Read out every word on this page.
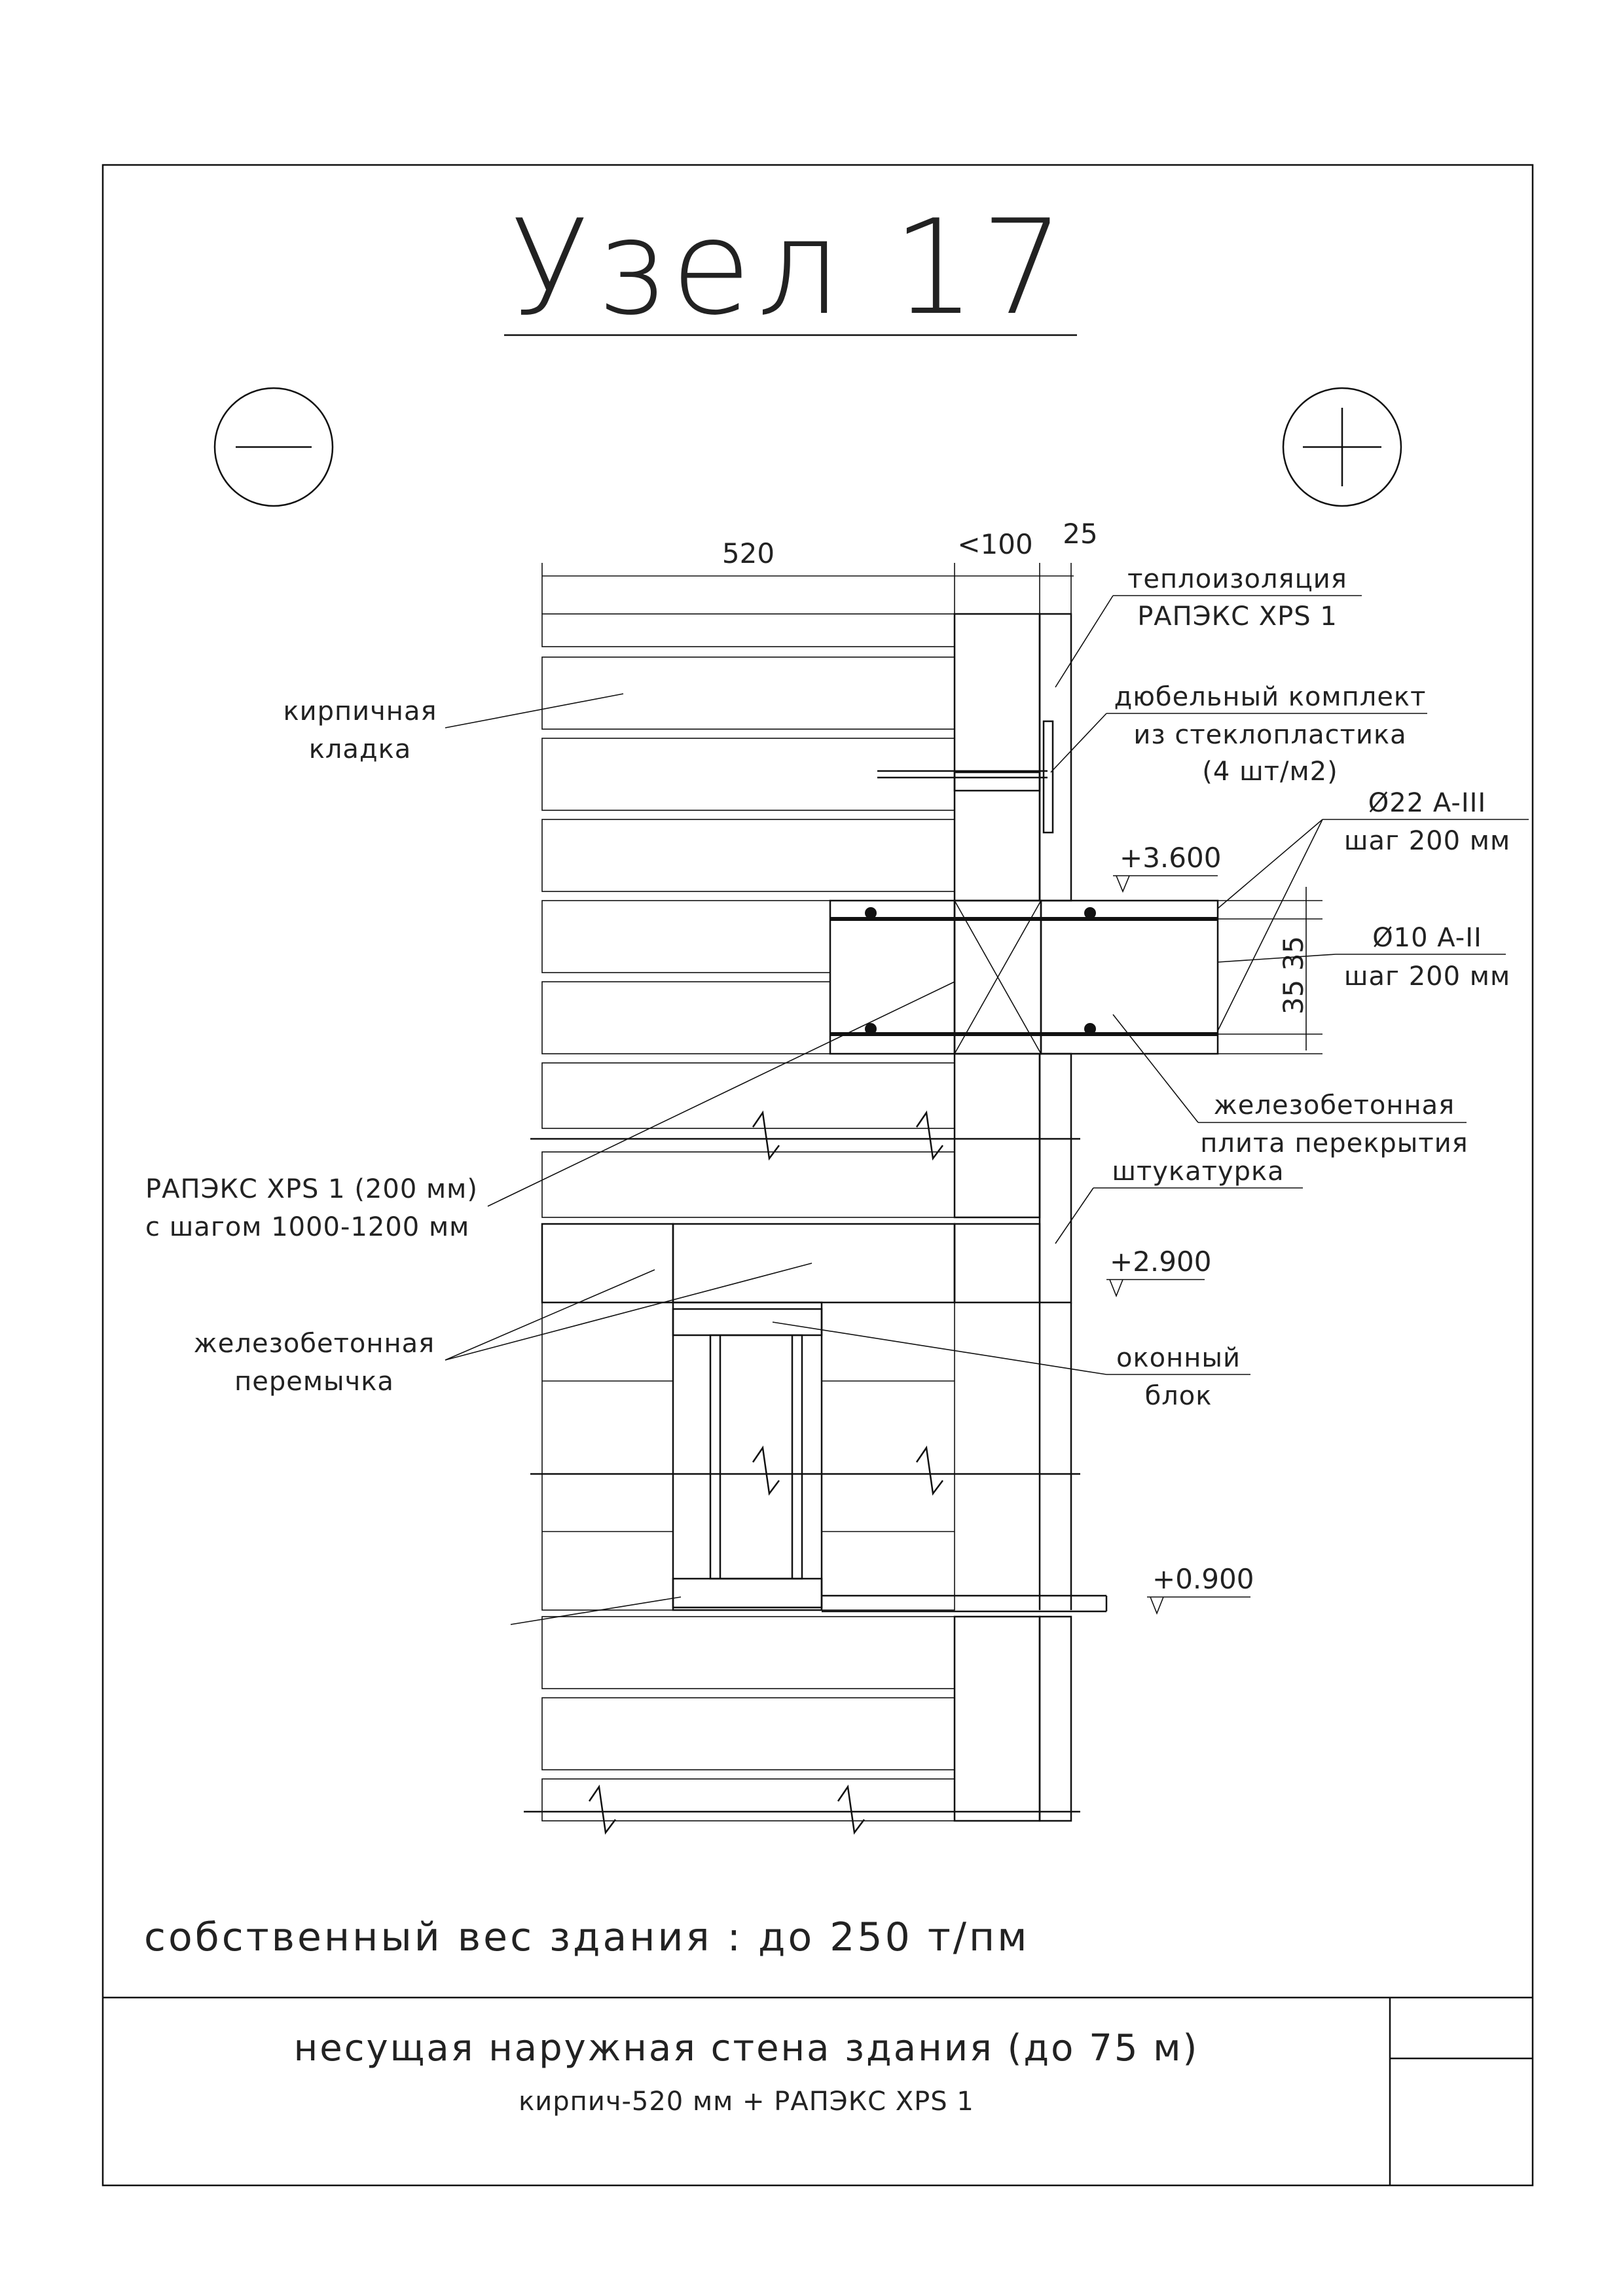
Узел 17
520	<100 25
35 35
+3.600
+2.900
+0.900
теплоизоляция
РАПЭКС XPS 1
дюбельный комплект
из стеклопластика
(4 шт/м2)
Ø22 A-III
шаг 200 мм
Ø10 A-II
шаг 200 мм
кирпичная
кладка
железобетонная
плита перекрытия
РАПЭКС XPS 1 (200 мм)
с шагом 1000-1200 мм
штукатурка
железобетонная
перемычка
оконный
блок
собственный вес здания : до 250 т/пм
несущая наружная стена здания (до 75 м)
кирпич-520 мм + РАПЭКС XPS 1
